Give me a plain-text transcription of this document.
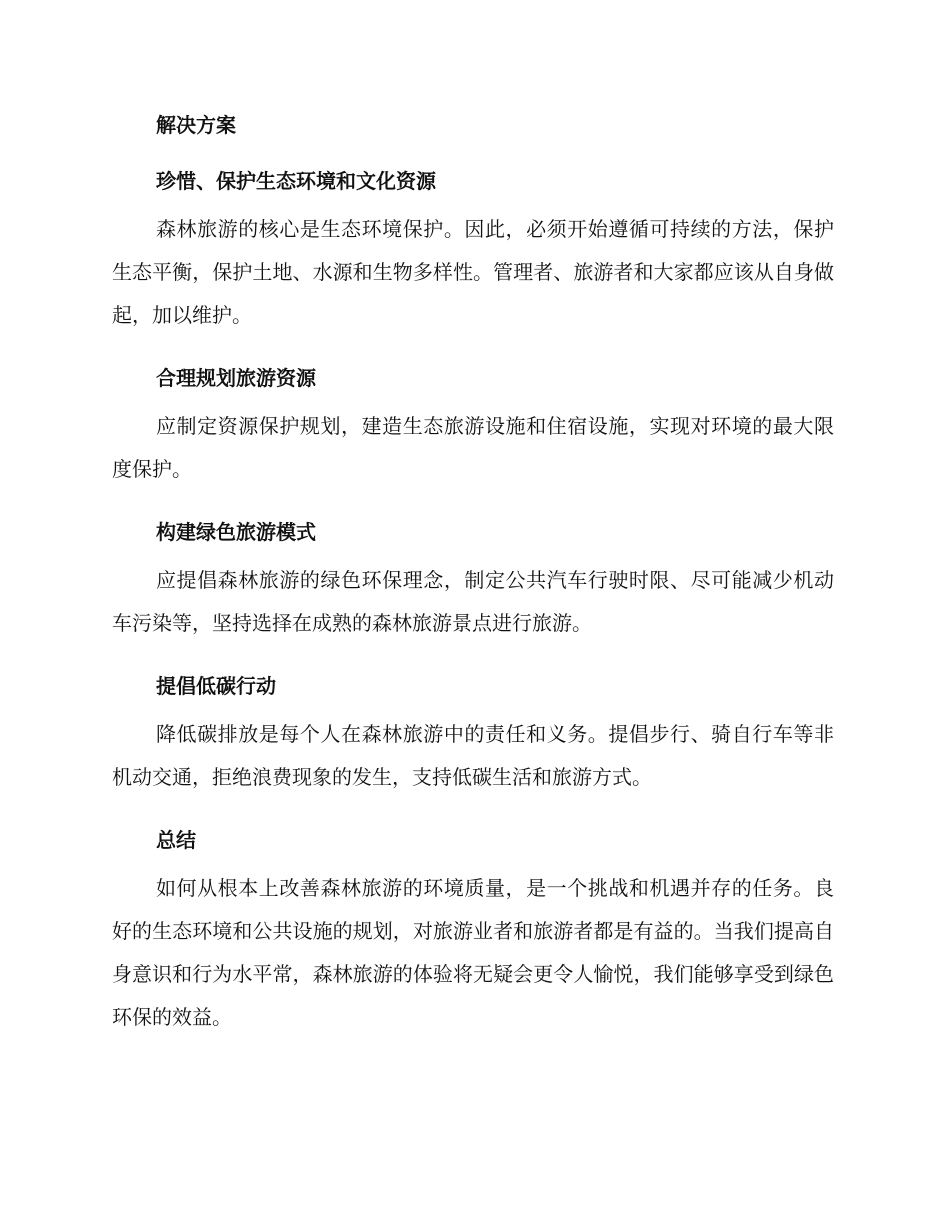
解决方案

珍惜、保护生态环境和文化资源

森林旅游的核心是生态环境保护。因此，必须开始遵循可持续的方法，保护生态平衡，保护土地、水源和生物多样性。管理者、旅游者和大家都应该从自身做起，加以维护。

合理规划旅游资源

应制定资源保护规划，建造生态旅游设施和住宿设施，实现对环境的最大限度保护。

构建绿色旅游模式

应提倡森林旅游的绿色环保理念，制定公共汽车行驶时限、尽可能减少机动车污染等，坚持选择在成熟的森林旅游景点进行旅游。

提倡低碳行动

降低碳排放是每个人在森林旅游中的责任和义务。提倡步行、骑自行车等非机动交通，拒绝浪费现象的发生，支持低碳生活和旅游方式。

总结

如何从根本上改善森林旅游的环境质量，是一个挑战和机遇并存的任务。良好的生态环境和公共设施的规划，对旅游业者和旅游者都是有益的。当我们提高自身意识和行为水平常，森林旅游的体验将无疑会更令人愉悦，我们能够享受到绿色环保的效益。
